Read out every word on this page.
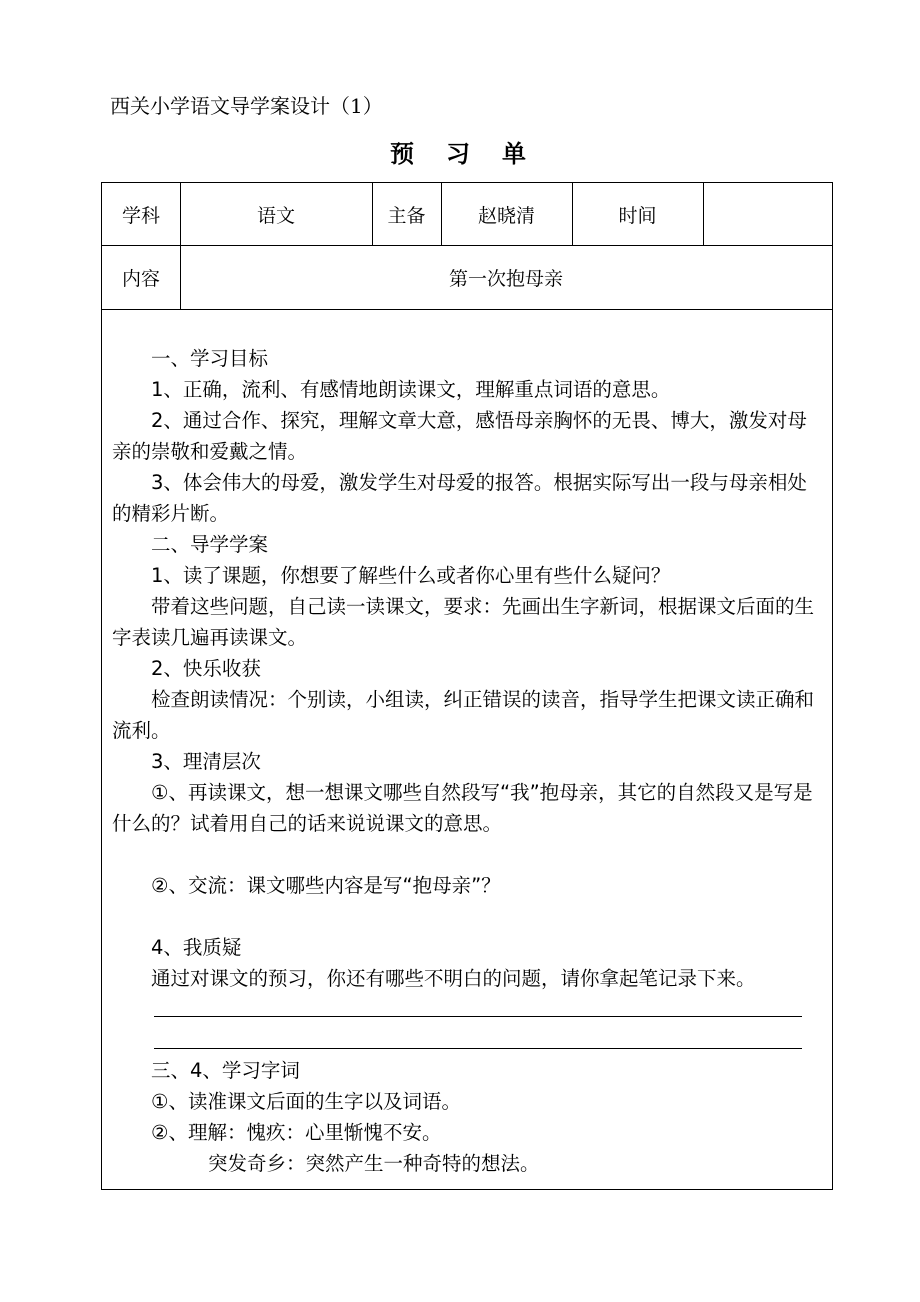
西关小学语文导学案设计（1）
预　习　单
学科	语文	主备	赵晓清	时间
内容	第一次抱母亲

一、学习目标

1、正确，流利、有感情地朗读课文，理解重点词语的意思。

2、通过合作、探究，理解文章大意，感悟母亲胸怀的无畏、博大，激发对母亲的崇敬和爱戴之情。

3、体会伟大的母爱，激发学生对母爱的报答。根据实际写出一段与母亲相处的精彩片断。

二、导学学案

1、读了课题，你想要了解些什么或者你心里有些什么疑问？

带着这些问题，自己读一读课文，要求：先画出生字新词，根据课文后面的生字表读几遍再读课文。

2、快乐收获

检查朗读情况：个别读，小组读，纠正错误的读音，指导学生把课文读正确和流利。

3、理清层次

①、再读课文，想一想课文哪些自然段写“我”抱母亲，其它的自然段又是写是什么的？试着用自己的话来说说课文的意思。

②、交流：课文哪些内容是写“抱母亲”？

4、我质疑

通过对课文的预习，你还有哪些不明白的问题，请你拿起笔记录下来。

三、4、学习字词

①、读准课文后面的生字以及词语。

②、理解：愧疚：心里惭愧不安。

突发奇乡：突然产生一种奇特的想法。
